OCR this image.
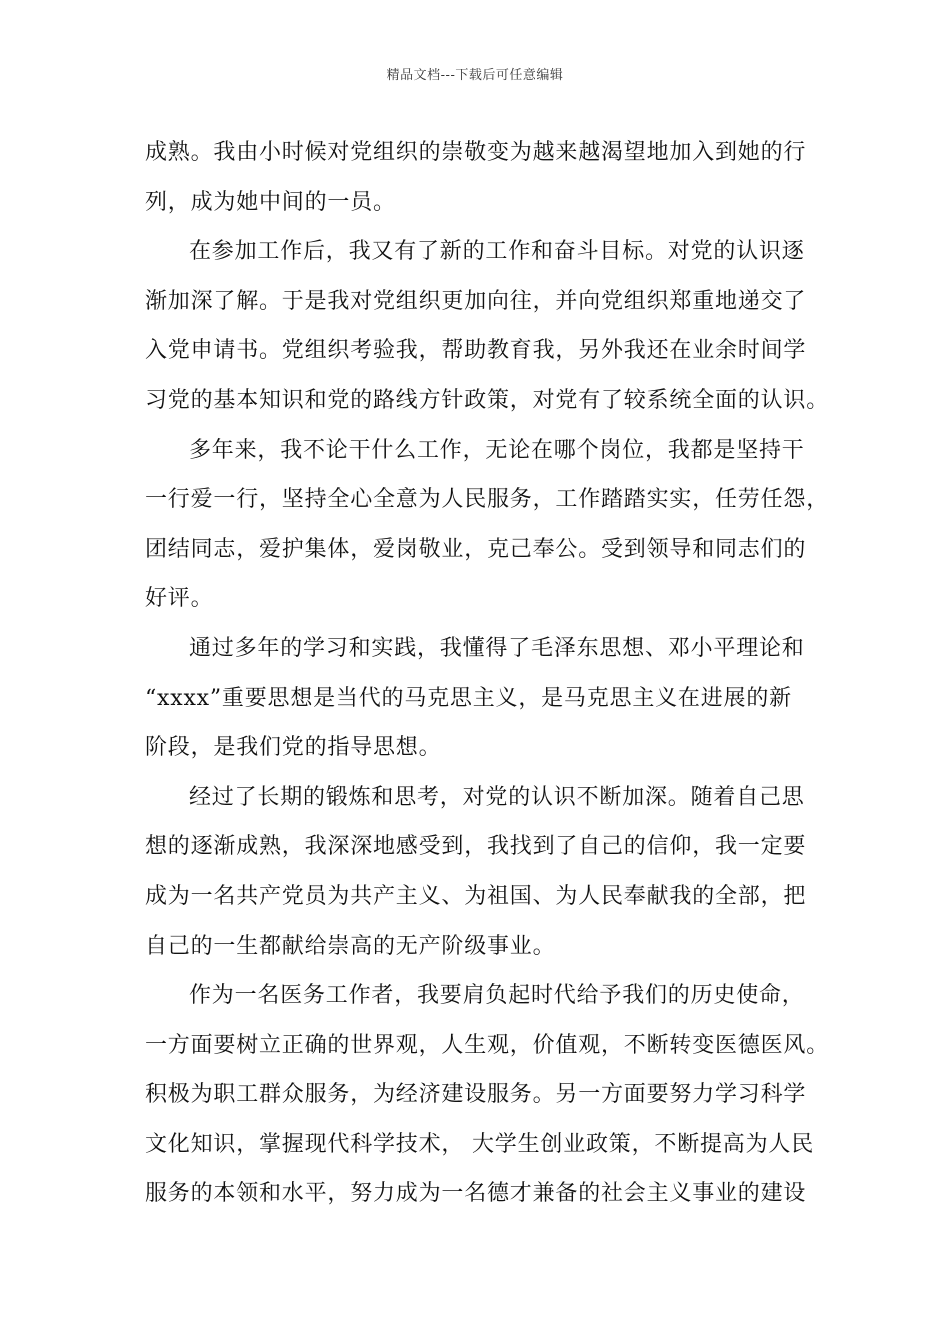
精品文档---下载后可任意编辑
成熟。我由小时候对党组织的崇敬变为越来越渴望地加入到她的行
列，成为她中间的一员。
在参加工作后，我又有了新的工作和奋斗目标。对党的认识逐
渐加深了解。于是我对党组织更加向往，并向党组织郑重地递交了
入党申请书。党组织考验我，帮助教育我，另外我还在业余时间学
习党的基本知识和党的路线方针政策，对党有了较系统全面的认识。
多年来，我不论干什么工作，无论在哪个岗位，我都是坚持干
一行爱一行，坚持全心全意为人民服务，工作踏踏实实，任劳任怨，
团结同志，爱护集体，爱岗敬业，克己奉公。受到领导和同志们的
好评。
通过多年的学习和实践，我懂得了毛泽东思想、邓小平理论和
“xxxx”重要思想是当代的马克思主义，是马克思主义在进展的新
阶段，是我们党的指导思想。
经过了长期的锻炼和思考，对党的认识不断加深。随着自己思
想的逐渐成熟，我深深地感受到，我找到了自己的信仰，我一定要
成为一名共产党员为共产主义、为祖国、为人民奉献我的全部，把
自己的一生都献给崇高的无产阶级事业。
作为一名医务工作者，我要肩负起时代给予我们的历史使命，
一方面要树立正确的世界观，人生观，价值观，不断转变医德医风。
积极为职工群众服务，为经济建设服务。另一方面要努力学习科学
文化知识，掌握现代科学技术， 大学生创业政策，不断提高为人民
服务的本领和水平，努力成为一名德才兼备的社会主义事业的建设
